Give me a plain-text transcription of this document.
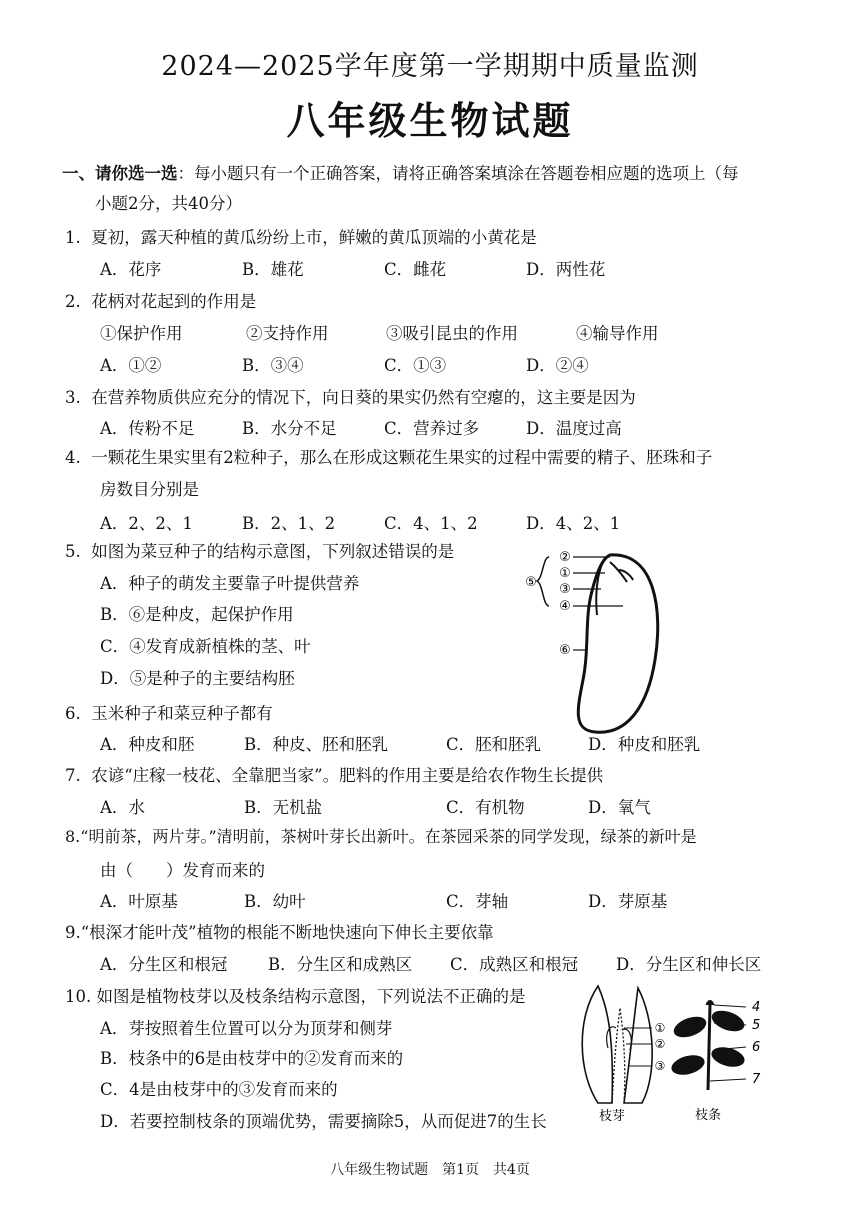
2024—2025学年度第一学期期中质量监测
八年级生物试题
一、请你选一选：每小题只有一个正确答案，请将正确答案填涂在答题卷相应题的选项上（每
小题2分，共40分）
1. 夏初，露天种植的黄瓜纷纷上市，鲜嫩的黄瓜顶端的小黄花是
A．花序	B．雄花	C．雌花	D．两性花
2. 花柄对花起到的作用是
①保护作用	②支持作用	③吸引昆虫的作用	④输导作用
A．①②	B．③④	C．①③	D．②④
3. 在营养物质供应充分的情况下，向日葵的果实仍然有空瘪的，这主要是因为
A．传粉不足	B．水分不足	C．营养过多	D．温度过高
4. 一颗花生果实里有2粒种子，那么在形成这颗花生果实的过程中需要的精子、胚珠和子
房数目分别是
A．2、2、1	B．2、1、2	C．4、1、2	D．4、2、1
5. 如图为菜豆种子的结构示意图，下列叙述错误的是
A．种子的萌发主要靠子叶提供营养
B．⑥是种皮，起保护作用
C．④发育成新植株的茎、叶
D．⑤是种子的主要结构胚
②
①
③
④
⑤
⑥
6. 玉米种子和菜豆种子都有
A．种皮和胚	B．种皮、胚和胚乳	C．胚和胚乳	D．种皮和胚乳
7. 农谚“庄稼一枝花、全靠肥当家”。肥料的作用主要是给农作物生长提供
A．水	B．无机盐	C．有机物	D．氧气
8.“明前茶，两片芽。”清明前，茶树叶芽长出新叶。在茶园采茶的同学发现，绿茶的新叶是
由（　　）发育而来的
A．叶原基	B．幼叶	C．芽轴	D．芽原基
9.“根深才能叶茂”植物的根能不断地快速向下伸长主要依靠
A．分生区和根冠 B．分生区和成熟区 C．成熟区和根冠 D．分生区和伸长区
10. 如图是植物枝芽以及枝条结构示意图，下列说法不正确的是
A．芽按照着生位置可以分为顶芽和侧芽
B．枝条中的6是由枝芽中的②发育而来的
C．4是由枝芽中的③发育而来的
D．若要控制枝条的顶端优势，需要摘除5，从而促进7的生长
①
②
③
枝芽
4
5
6
7
枝条
八年级生物试题　第1页　共4页
